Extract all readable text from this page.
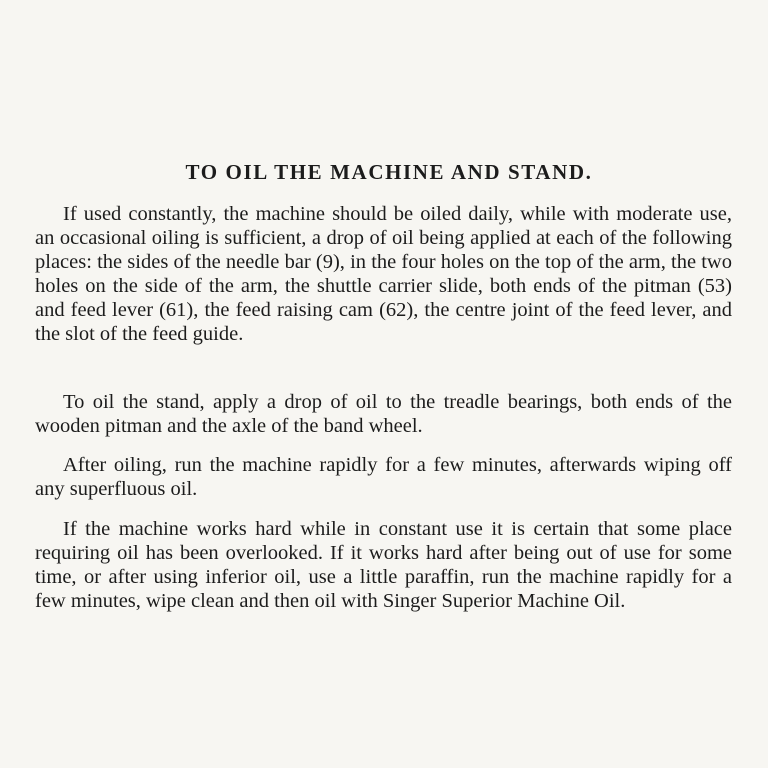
TO OIL THE MACHINE AND STAND.

If used constantly, the machine should be oiled daily, while with moderate use, an occasional oiling is sufficient, a drop of oil being applied at each of the following places: the sides of the needle bar (9), in the four holes on the top of the arm, the two holes on the side of the arm, the shuttle carrier slide, both ends of the pitman (53) and feed lever (61), the feed raising cam (62), the centre joint of the feed lever, and the slot of the feed guide.

To oil the stand, apply a drop of oil to the treadle bearings, both ends of the wooden pitman and the axle of the band wheel.

After oiling, run the machine rapidly for a few minutes, afterwards wiping off any superfluous oil.

If the machine works hard while in constant use it is certain that some place requiring oil has been overlooked. If it works hard after being out of use for some time, or after using inferior oil, use a little paraffin, run the machine rapidly for a few minutes, wipe clean and then oil with Singer Superior Machine Oil.
